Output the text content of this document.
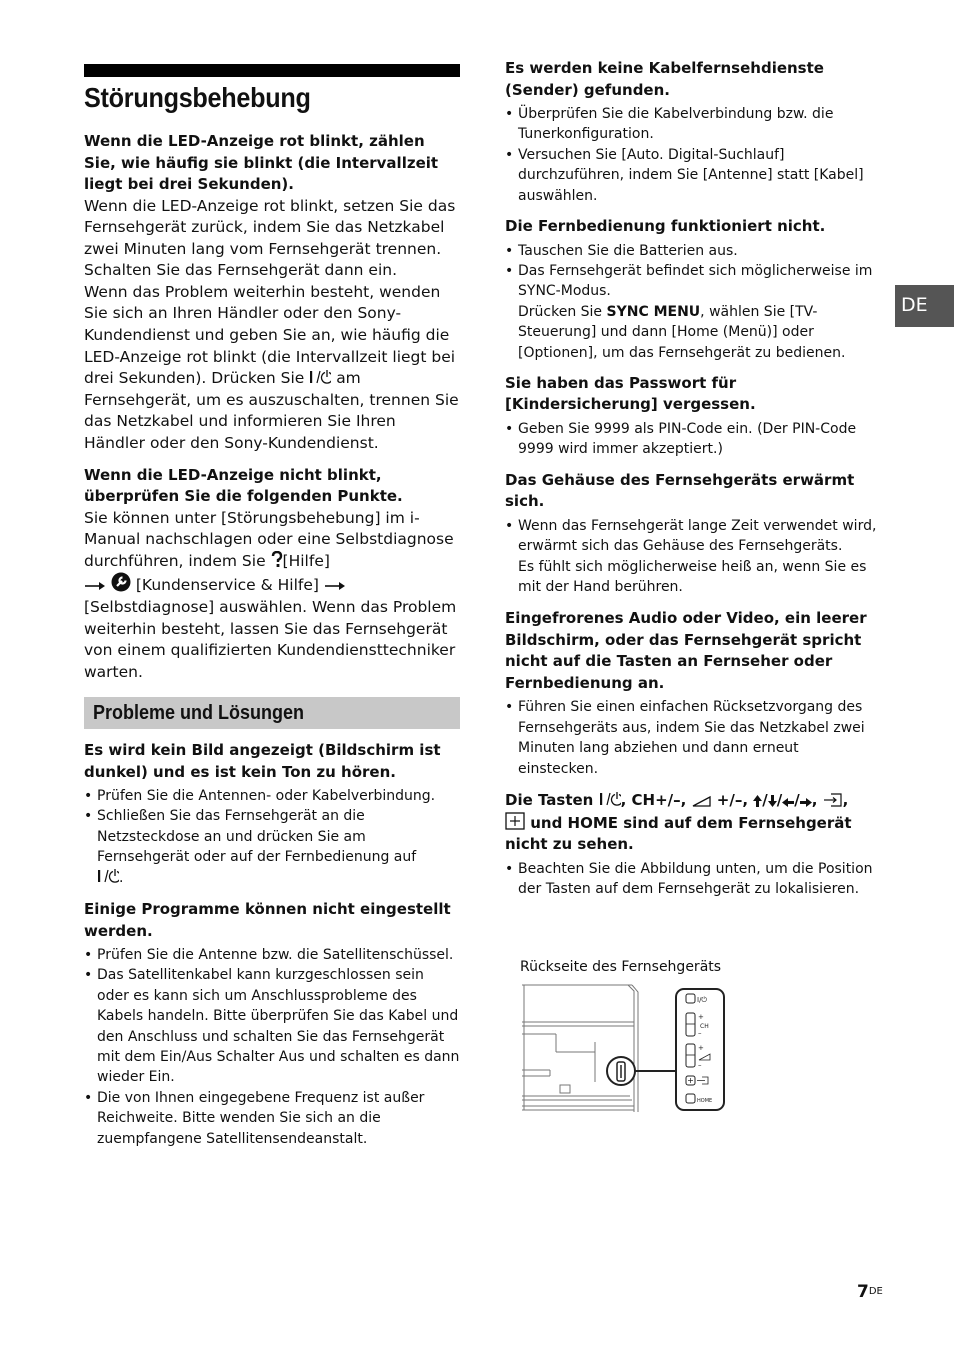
Störungsbehebung
DE

Wenn die LED-Anzeige rot blinkt, zählen Sie, wie häufig sie blinkt (die Intervallzeit liegt bei drei Sekunden).

Wenn die LED-Anzeige rot blinkt, setzen Sie das Fernsehgerät zurück, indem Sie das Netzkabel zwei Minuten lang vom Fernsehgerät trennen. Schalten Sie das Fernsehgerät dann ein.

Wenn das Problem weiterhin besteht, wenden Sie sich an Ihren Händler oder den Sony-Kundendienst und geben Sie an, wie häufig die LED-Anzeige rot blinkt (die Intervallzeit liegt bei drei Sekunden). Drücken Sie am Fernsehgerät, um es auszuschalten, trennen Sie das Netzkabel und informieren Sie Ihren Händler oder den Sony-Kundendienst.

Wenn die LED-Anzeige nicht blinkt, überprüfen Sie die folgenden Punkte.

Sie können unter [Störungsbehebung] im i-Manual nachschlagen oder eine Selbstdiagnose durchführen, indem Sie [Hilfe]
[Kundenservice & Hilfe]  [Selbstdiagnose] auswählen. Wenn das Problem weiterhin besteht, lassen Sie das Fernsehgerät von einem qualifizierten Kundendiensttechniker warten.

Probleme und Lösungen

Es wird kein Bild angezeigt (Bildschirm ist dunkel) und es ist kein Ton zu hören.

• Prüfen Sie die Antennen- oder Kabelverbindung.
• Schließen Sie das Fernsehgerät an die Netzsteckdose an und drücken Sie am Fernsehgerät oder auf der Fernbedienung auf
.

Einige Programme können nicht eingestellt werden.

• Prüfen Sie die Antenne bzw. die Satellitenschüssel.
• Das Satellitenkabel kann kurzgeschlossen sein oder es kann sich um Anschlussprobleme des Kabels handeln. Bitte überprüfen Sie das Kabel und den Anschluss und schalten Sie das Fernsehgerät mit dem Ein/Aus Schalter Aus und schalten es dann wieder Ein.
• Die von Ihnen eingegebene Frequenz ist außer Reichweite. Bitte wenden Sie sich an die zuempfangene Satellitensendeanstalt.

Es werden keine Kabelfernsehdienste (Sender) gefunden.

• Überprüfen Sie die Kabelverbindung bzw. die Tunerkonfiguration.
• Versuchen Sie [Auto. Digital-Suchlauf] durchzuführen, indem Sie [Antenne] statt [Kabel] auswählen.

Die Fernbedienung funktioniert nicht.

• Tauschen Sie die Batterien aus.
• Das Fernsehgerät befindet sich möglicherweise im SYNC-Modus.
Drücken Sie SYNC MENU, wählen Sie [TV-Steuerung] und dann [Home (Menü)] oder [Optionen], um das Fernsehgerät zu bedienen.

Sie haben das Passwort für [Kindersicherung] vergessen.

• Geben Sie 9999 als PIN-Code ein. (Der PIN-Code 9999 wird immer akzeptiert.)

Das Gehäuse des Fernsehgeräts erwärmt sich.

• Wenn das Fernsehgerät lange Zeit verwendet wird, erwärmt sich das Gehäuse des Fernsehgeräts.
Es fühlt sich möglicherweise heiß an, wenn Sie es mit der Hand berühren.

Eingefrorenes Audio oder Video, ein leerer Bildschirm, oder das Fernsehgerät spricht nicht auf die Tasten an Fernseher oder Fernbedienung an.

• Führen Sie einen einfachen Rücksetzvorgang des Fernsehgeräts aus, indem Sie das Netzkabel zwei Minuten lang abziehen und dann erneut einstecken.

Die Tasten , CH+/–, +/–, / / / , ,
und HOME sind auf dem Fernsehgerät nicht zu sehen.

• Beachten Sie die Abbildung unten, um die Position der Tasten auf dem Fernsehgerät zu lokalisieren.
Rückseite des Fernsehgeräts
I/⏻
+
CH
–
+
–
HOME
7DE
